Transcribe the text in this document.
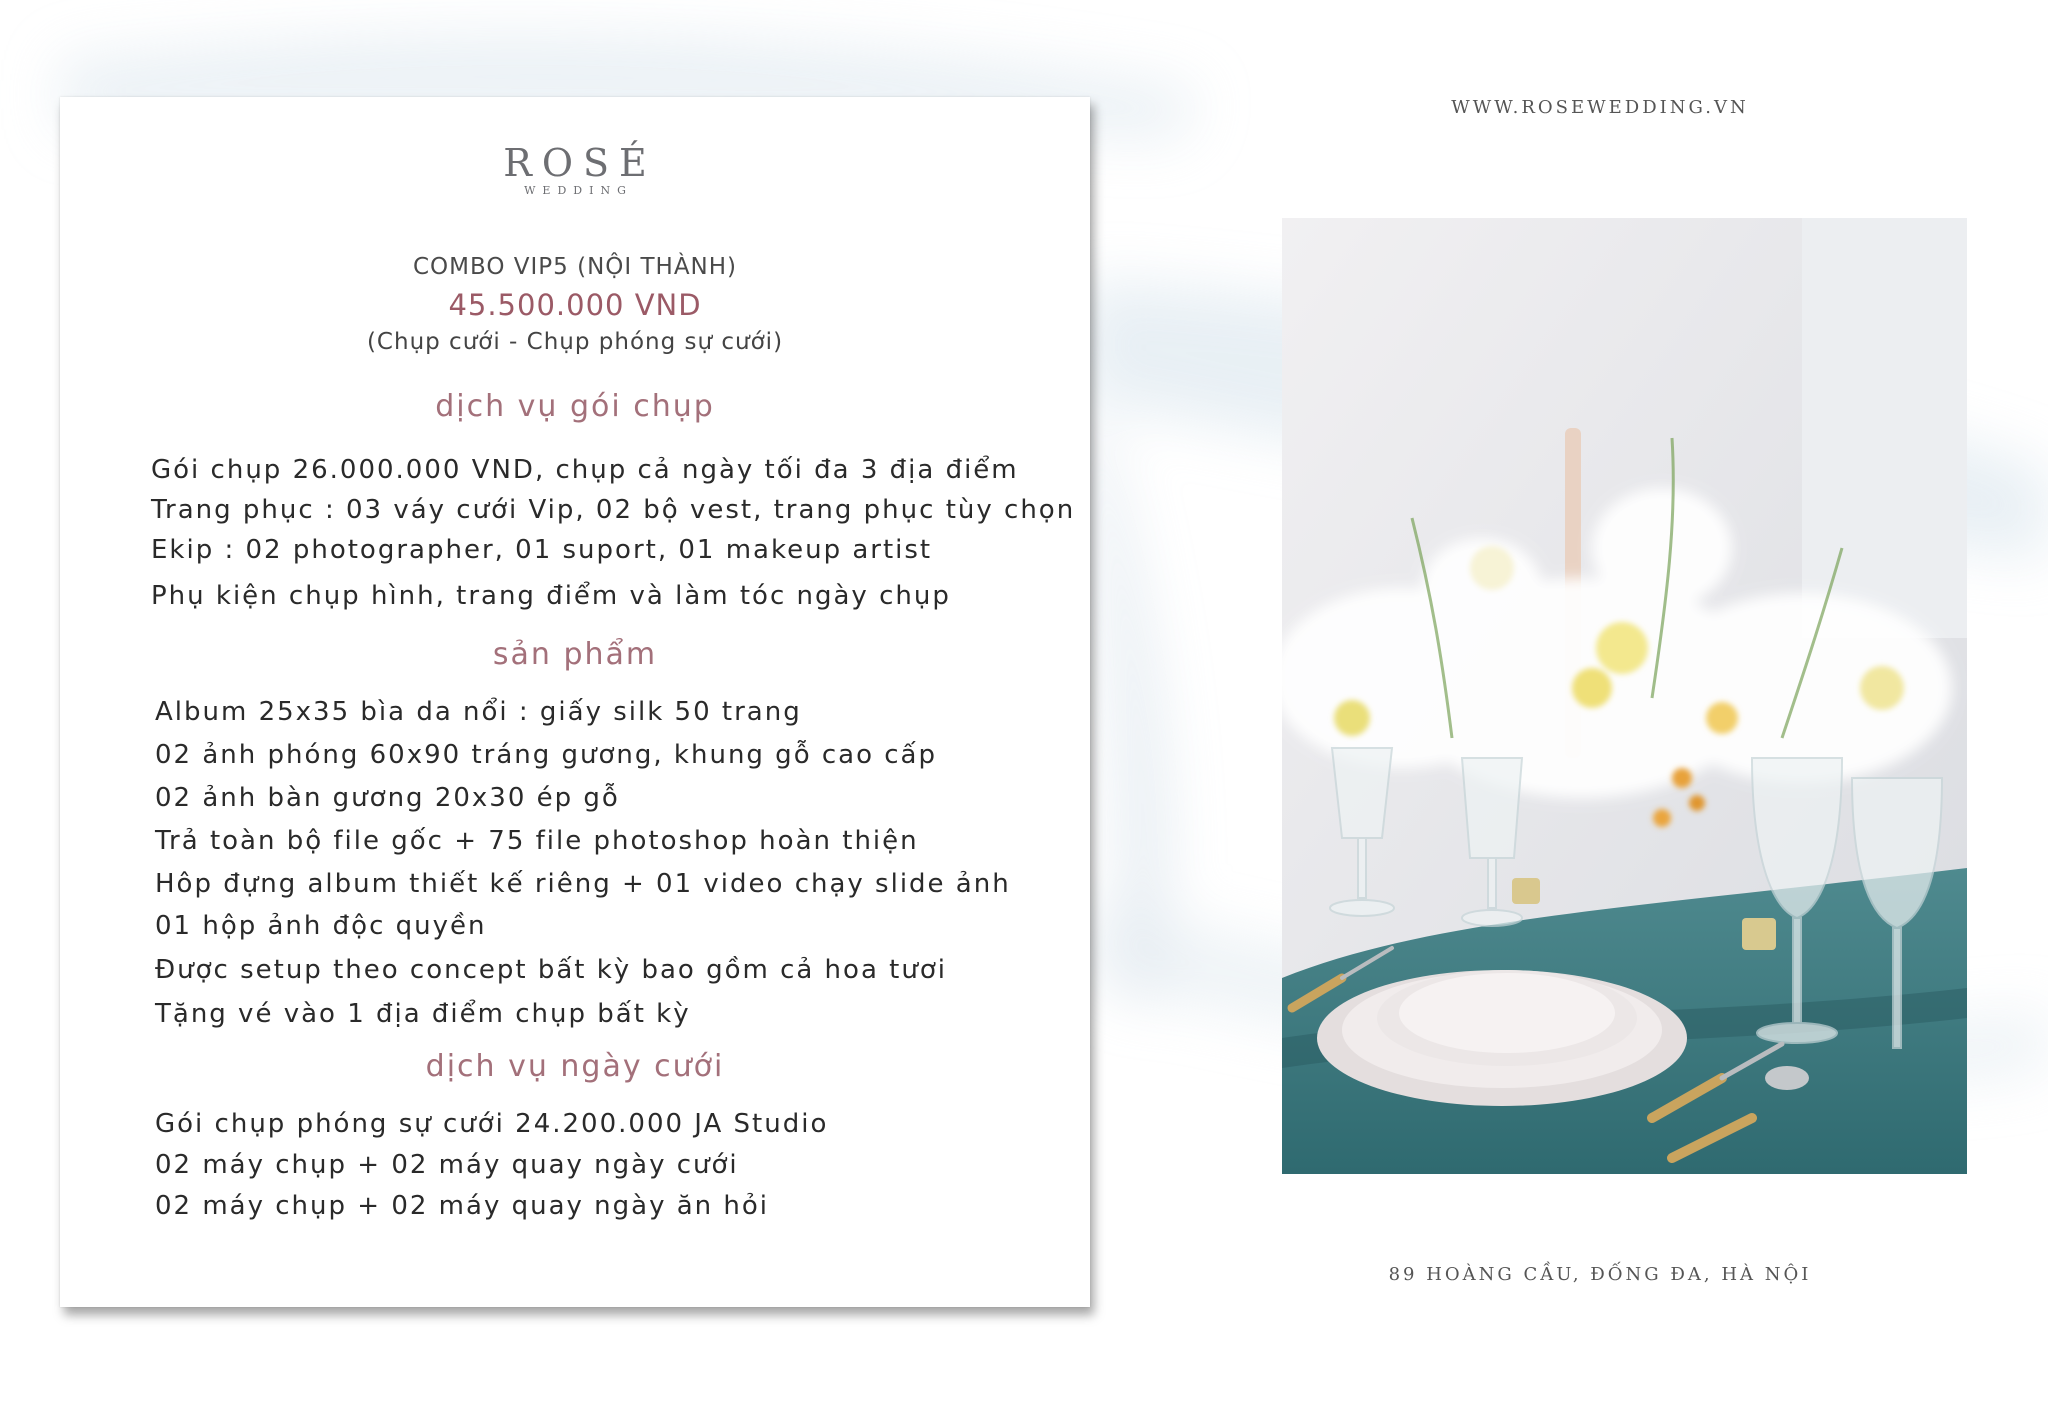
ROSÉ
WEDDING
COMBO VIP5 (NỘI THÀNH)
45.500.000 VND
(Chụp cưới - Chụp phóng sự cưới)
dịch vụ gói chụp
Gói chụp 26.000.000 VND, chụp cả ngày tối đa 3 địa điểm
Trang phục : 03 váy cưới Vip, 02 bộ vest, trang phục tùy chọn
Ekip : 02 photographer, 01 suport, 01 makeup artist
Phụ kiện chụp hình, trang điểm và làm tóc ngày chụp
sản phẩm
Album 25x35 bìa da nổi : giấy silk 50 trang
02 ảnh phóng 60x90 tráng gương, khung gỗ cao cấp
02 ảnh bàn gương 20x30 ép gỗ
Trả toàn bộ file gốc + 75 file photoshop hoàn thiện
Hôp đựng album thiết kế riêng + 01 video chạy slide ảnh
01 hộp ảnh độc quyền
Được setup theo concept bất kỳ bao gồm cả hoa tươi
Tặng vé vào 1 địa điểm chụp bất kỳ
dịch vụ ngày cưới
Gói chụp phóng sự cưới 24.200.000 JA Studio
02 máy chụp + 02 máy quay ngày cưới
02 máy chụp + 02 máy quay ngày ăn hỏi
WWW.ROSEWEDDING.VN
89 HOÀNG CẦU, ĐỐNG ĐA, HÀ NỘI
